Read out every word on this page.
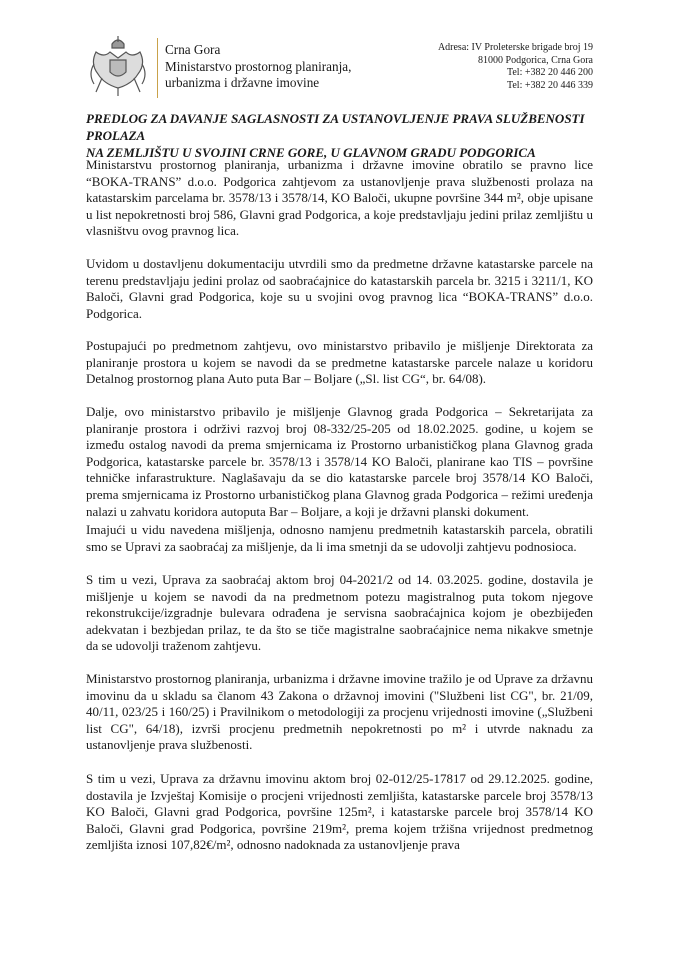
Crna Gora
Ministarstvo prostornog planiranja,
urbanizma i državne imovine
Adresa: IV Proleterske brigade broj 19
81000 Podgorica, Crna Gora
Tel: +382 20 446 200
Tel: +382 20 446 339
PREDLOG ZA DAVANJE SAGLASNOSTI ZA USTANOVLJENJE PRAVA SLUŽBENOSTI PROLAZA
NA ZEMLJIŠTU U SVOJINI CRNE GORE, U GLAVNOM GRADU PODGORICA

Ministarstvu prostornog planiranja, urbanizma i državne imovine obratilo se pravno lice “BOKA-TRANS” d.o.o. Podgorica zahtjevom za ustanovljenje prava službenosti prolaza na katastarskim parcelama br. 3578/13 i 3578/14, KO Baloči, ukupne površine 344 m², obje upisane u list nepokretnosti broj 586, Glavni grad Podgorica, a koje predstavljaju jedini prilaz zemljištu u vlasništvu ovog pravnog lica.

Uvidom u dostavljenu dokumentaciju utvrdili smo da predmetne državne katastarske parcele na terenu predstavljaju jedini prolaz od saobraćajnice do katastarskih parcela br. 3215 i 3211/1, KO Baloči, Glavni grad Podgorica, koje su u svojini ovog pravnog lica “BOKA-TRANS” d.o.o. Podgorica.

Postupajući po predmetnom zahtjevu, ovo ministarstvo pribavilo je mišljenje Direktorata za planiranje prostora u kojem se navodi da se predmetne katastarske parcele nalaze u koridoru Detalnog prostornog plana Auto puta Bar – Boljare („Sl. list CG“, br. 64/08).

Dalje, ovo ministarstvo pribavilo je mišljenje Glavnog grada Podgorica – Sekretarijata za planiranje prostora i održivi razvoj broj 08-332/25-205 od 18.02.2025. godine, u kojem se između ostalog navodi da prema smjernicama iz Prostorno urbanističkog plana Glavnog grada Podgorica, katastarske parcele br. 3578/13 i 3578/14 KO Baloči, planirane kao TIS – površine tehničke infarastrukture. Naglašavaju da se dio katastarske parcele broj 3578/14 KO Baloči, prema smjernicama iz Prostorno urbanističkog plana Glavnog grada Podgorica – režimi uređenja nalazi u zahvatu koridora autoputa Bar – Boljare, a koji je državni planski dokument.

Imajući u vidu navedena mišljenja, odnosno namjenu predmetnih katastarskih parcela, obratili smo se Upravi za saobraćaj za mišljenje, da li ima smetnji da se udovolji zahtjevu podnosioca.

S tim u vezi, Uprava za saobraćaj aktom broj 04-2021/2 od 14. 03.2025. godine, dostavila je mišljenje u kojem se navodi da na predmetnom potezu magistralnog puta tokom njegove rekonstrukcije/izgradnje bulevara odrađena je servisna saobraćajnica kojom je obezbijeđen adekvatan i bezbjedan prilaz, te da što se tiče magistralne saobraćajnice nema nikakve smetnje da se udovolji traženom zahtjevu.

Ministarstvo prostornog planiranja, urbanizma i državne imovine tražilo je od Uprave za državnu imovinu da u skladu sa članom 43 Zakona o državnoj imovini ("Službeni list CG", br. 21/09, 40/11, 023/25 i 160/25) i Pravilnikom o metodologiji za procjenu vrijednosti imovine („Službeni list CG", 64/18), izvrši procjenu predmetnih nepokretnosti po m² i utvrde naknadu za ustanovljenje prava službenosti.

S tim u vezi, Uprava za državnu imovinu aktom broj 02-012/25-17817 od 29.12.2025. godine, dostavila je Izvještaj Komisije o procjeni vrijednosti zemljišta, katastarske parcele broj 3578/13 KO Baloči, Glavni grad Podgorica, površine 125m², i katastarske parcele broj 3578/14 KO Baloči, Glavni grad Podgorica, površine 219m², prema kojem tržišna vrijednost predmetnog zemljišta iznosi 107,82€/m², odnosno nadoknada za ustanovljenje prava
